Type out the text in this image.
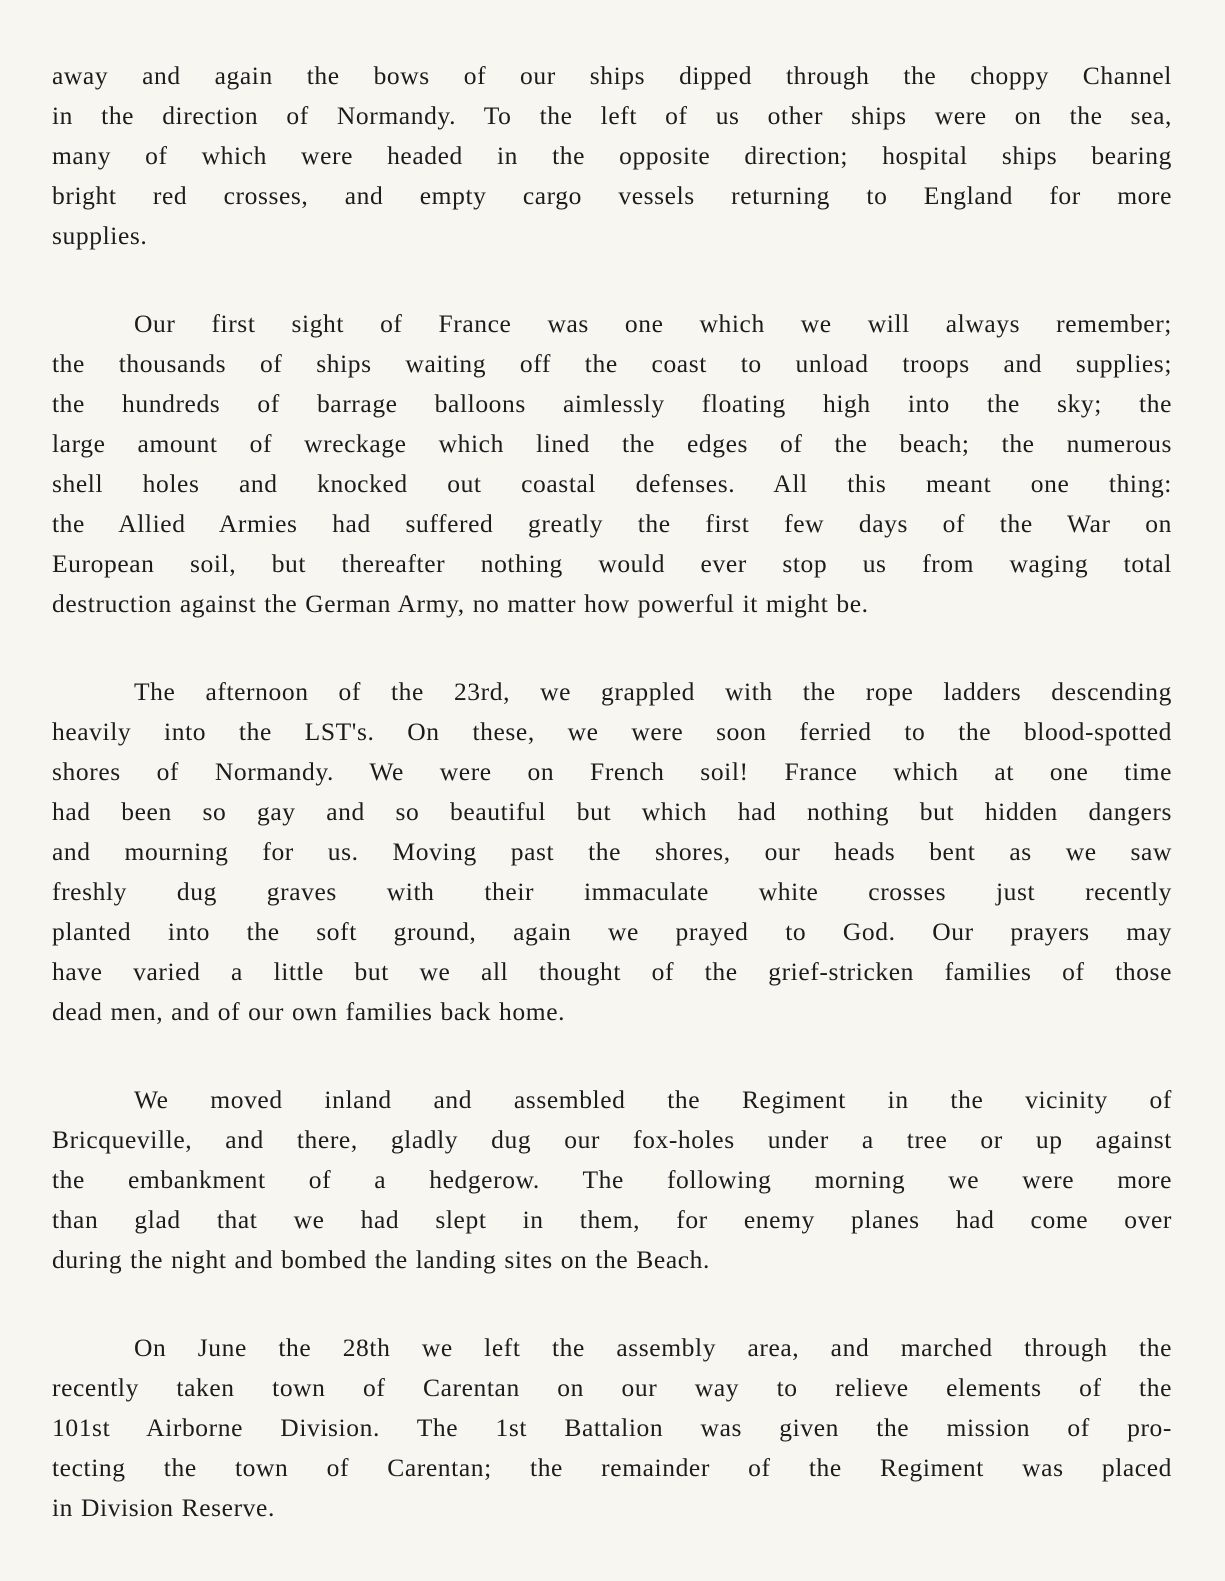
away and again the bows of our ships dipped through the choppy Channel
in the direction of Normandy. To the left of us other ships were on the sea,
many of which were headed in the opposite direction; hospital ships bearing
bright red crosses, and empty cargo vessels returning to England for more
supplies.

Our first sight of France was one which we will always remember;
the thousands of ships waiting off the coast to unload troops and supplies;
the hundreds of barrage balloons aimlessly floating high into the sky; the
large amount of wreckage which lined the edges of the beach; the numerous
shell holes and knocked out coastal defenses. All this meant one thing:
the Allied Armies had suffered greatly the first few days of the War on
European soil, but thereafter nothing would ever stop us from waging total
destruction against the German Army, no matter how powerful it might be.

The afternoon of the 23rd, we grappled with the rope ladders descending
heavily into the LST's. On these, we were soon ferried to the blood-spotted
shores of Normandy. We were on French soil! France which at one time
had been so gay and so beautiful but which had nothing but hidden dangers
and mourning for us. Moving past the shores, our heads bent as we saw
freshly dug graves with their immaculate white crosses just recently
planted into the soft ground, again we prayed to God. Our prayers may
have varied a little but we all thought of the grief-stricken families of those
dead men, and of our own families back home.

We moved inland and assembled the Regiment in the vicinity of
Bricqueville, and there, gladly dug our fox-holes under a tree or up against
the embankment of a hedgerow. The following morning we were more
than glad that we had slept in them, for enemy planes had come over
during the night and bombed the landing sites on the Beach.

On June the 28th we left the assembly area, and marched through the
recently taken town of Carentan on our way to relieve elements of the
101st Airborne Division. The 1st Battalion was given the mission of pro-
tecting the town of Carentan; the remainder of the Regiment was placed
in Division Reserve.
